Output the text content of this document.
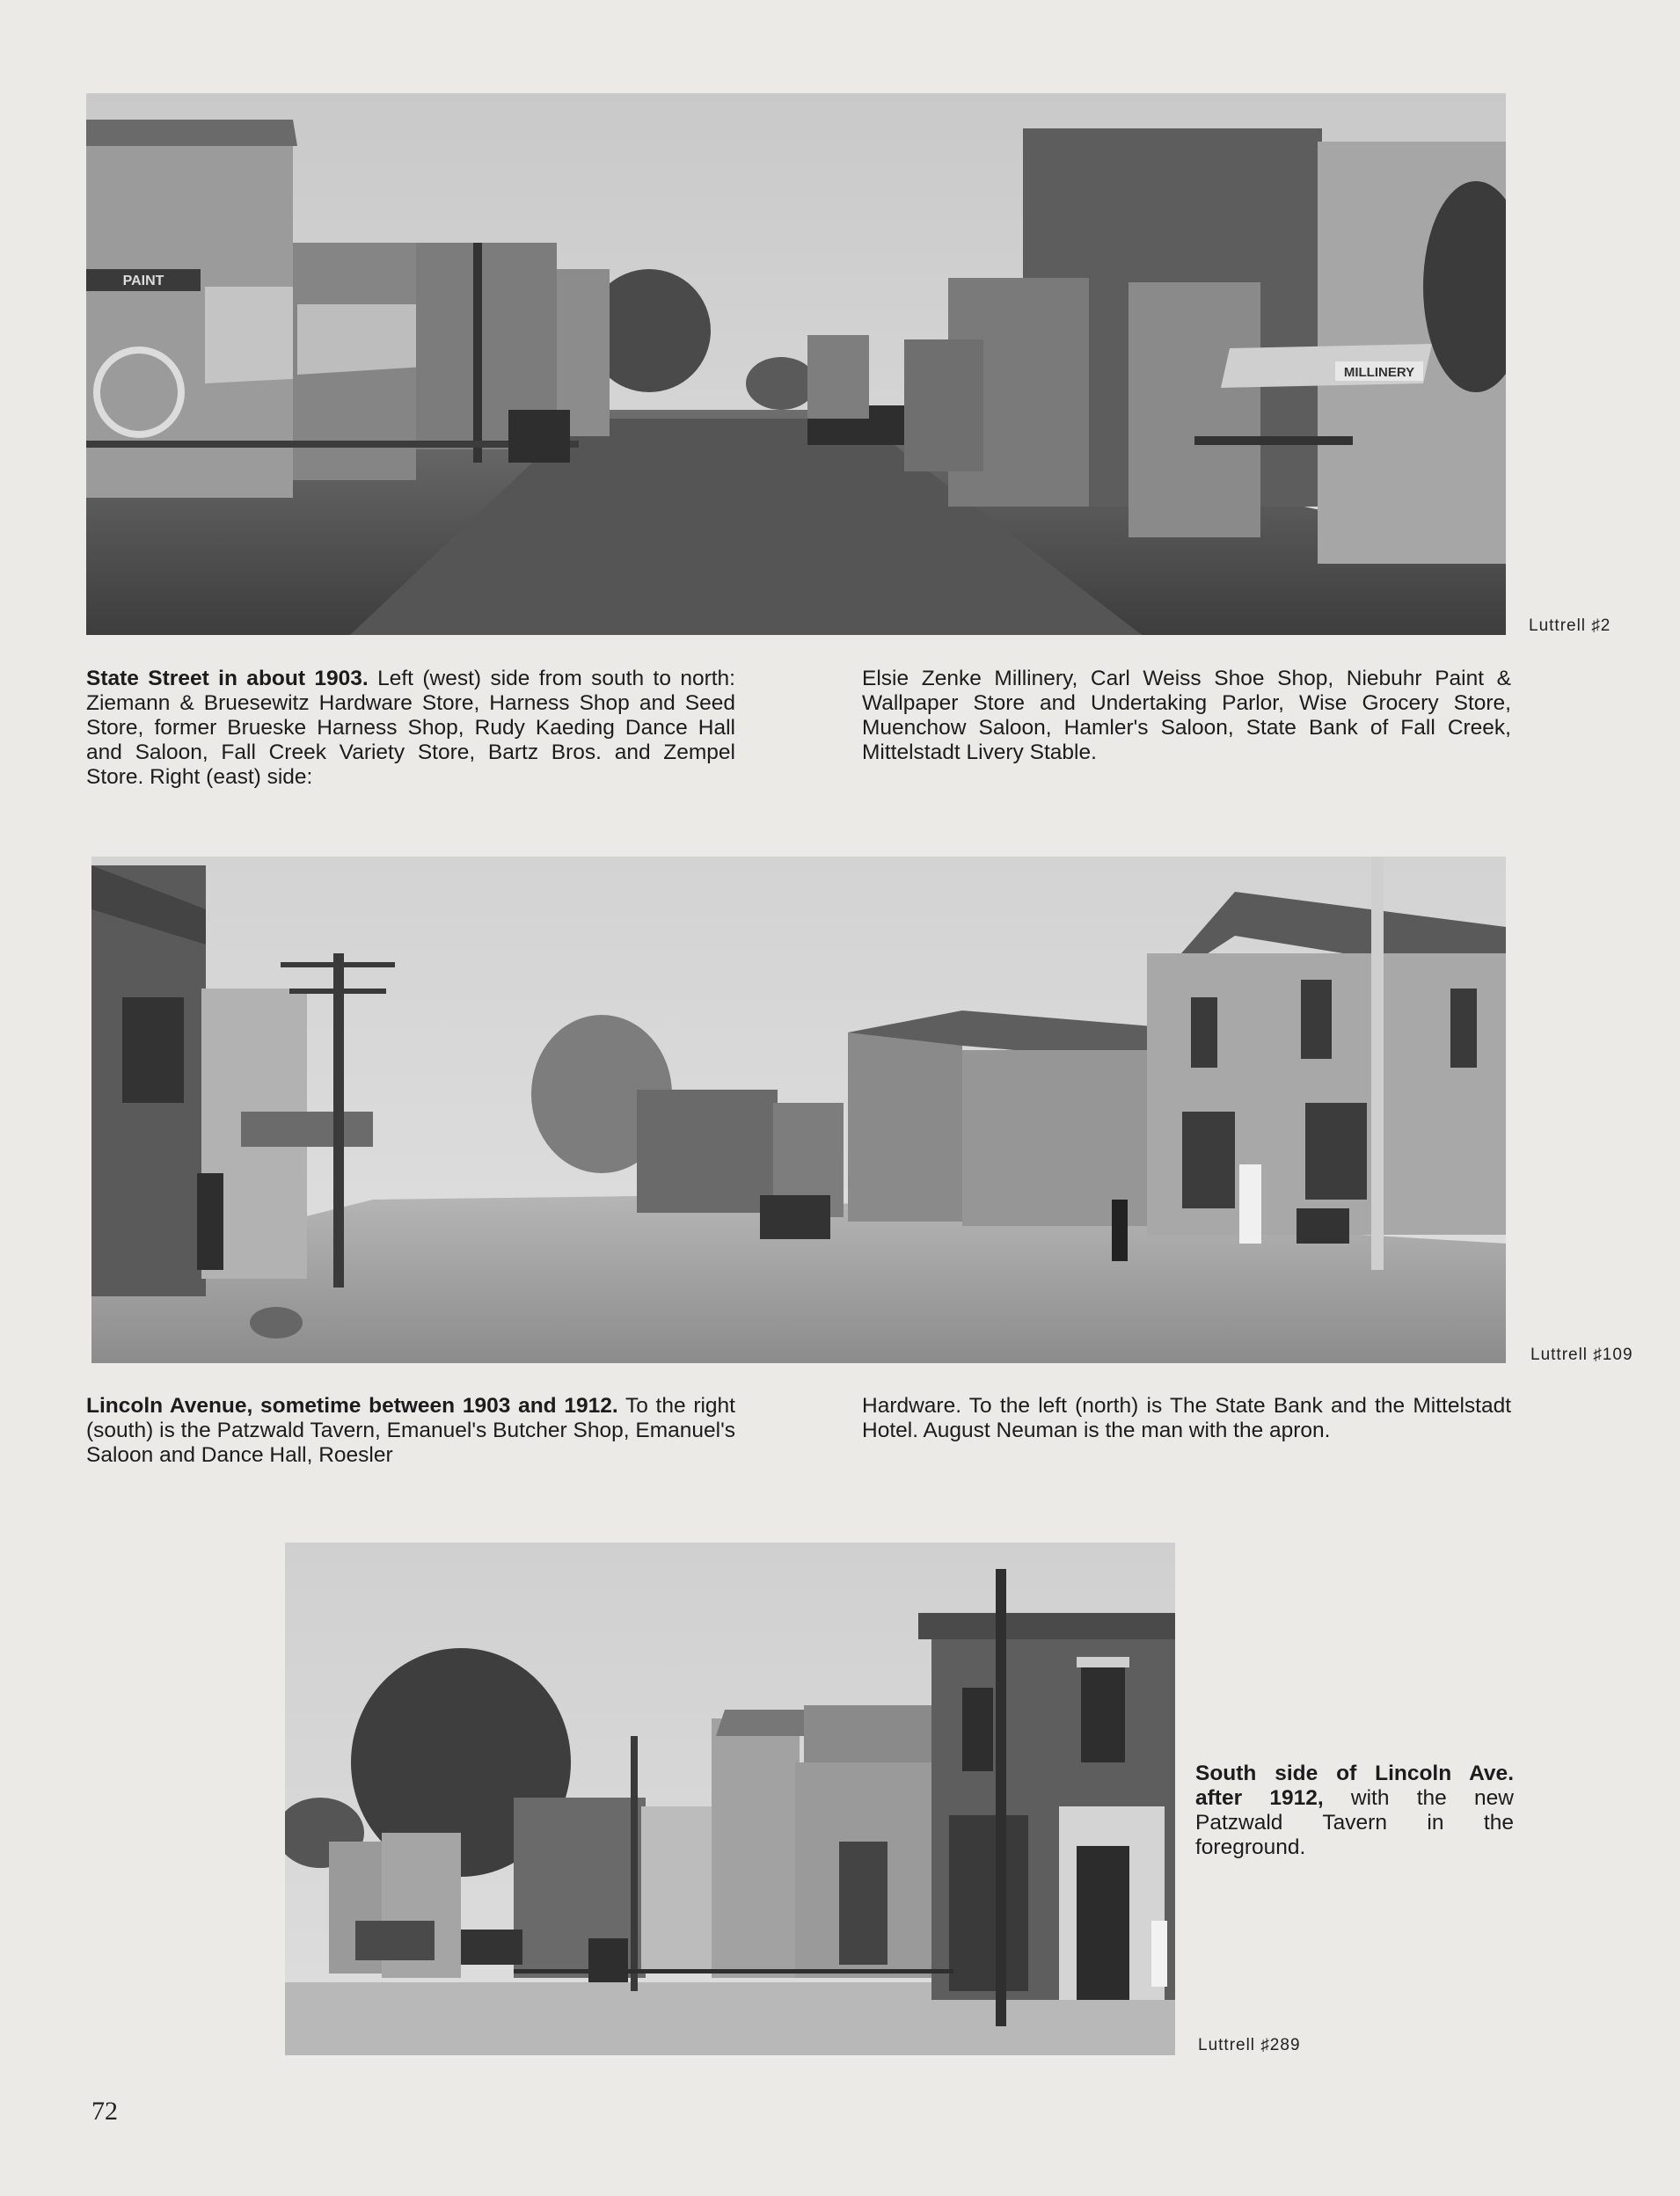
PAINT
MILLINERY
Luttrell ♯2

State Street in about 1903. Left (west) side from south to north: Ziemann & Bruesewitz Hardware Store, Harness Shop and Seed Store, former Brueske Harness Shop, Rudy Kaeding Dance Hall and Saloon, Fall Creek Variety Store, Bartz Bros. and Zempel Store. Right (east) side:

Elsie Zenke Millinery, Carl Weiss Shoe Shop, Niebuhr Paint & Wallpaper Store and Undertaking Parlor, Wise Grocery Store, Muenchow Saloon, Hamler's Saloon, State Bank of Fall Creek, Mittelstadt Livery Stable.

Luttrell ♯109

Lincoln Avenue, sometime between 1903 and 1912. To the right (south) is the Patzwald Tavern, Emanuel's Butcher Shop, Emanuel's Saloon and Dance Hall, Roesler

Hardware. To the left (north) is The State Bank and the Mittelstadt Hotel. August Neuman is the man with the apron.

Luttrell ♯289

South side of Lincoln Ave. after 1912, with the new Patzwald Tavern in the foreground.

72
